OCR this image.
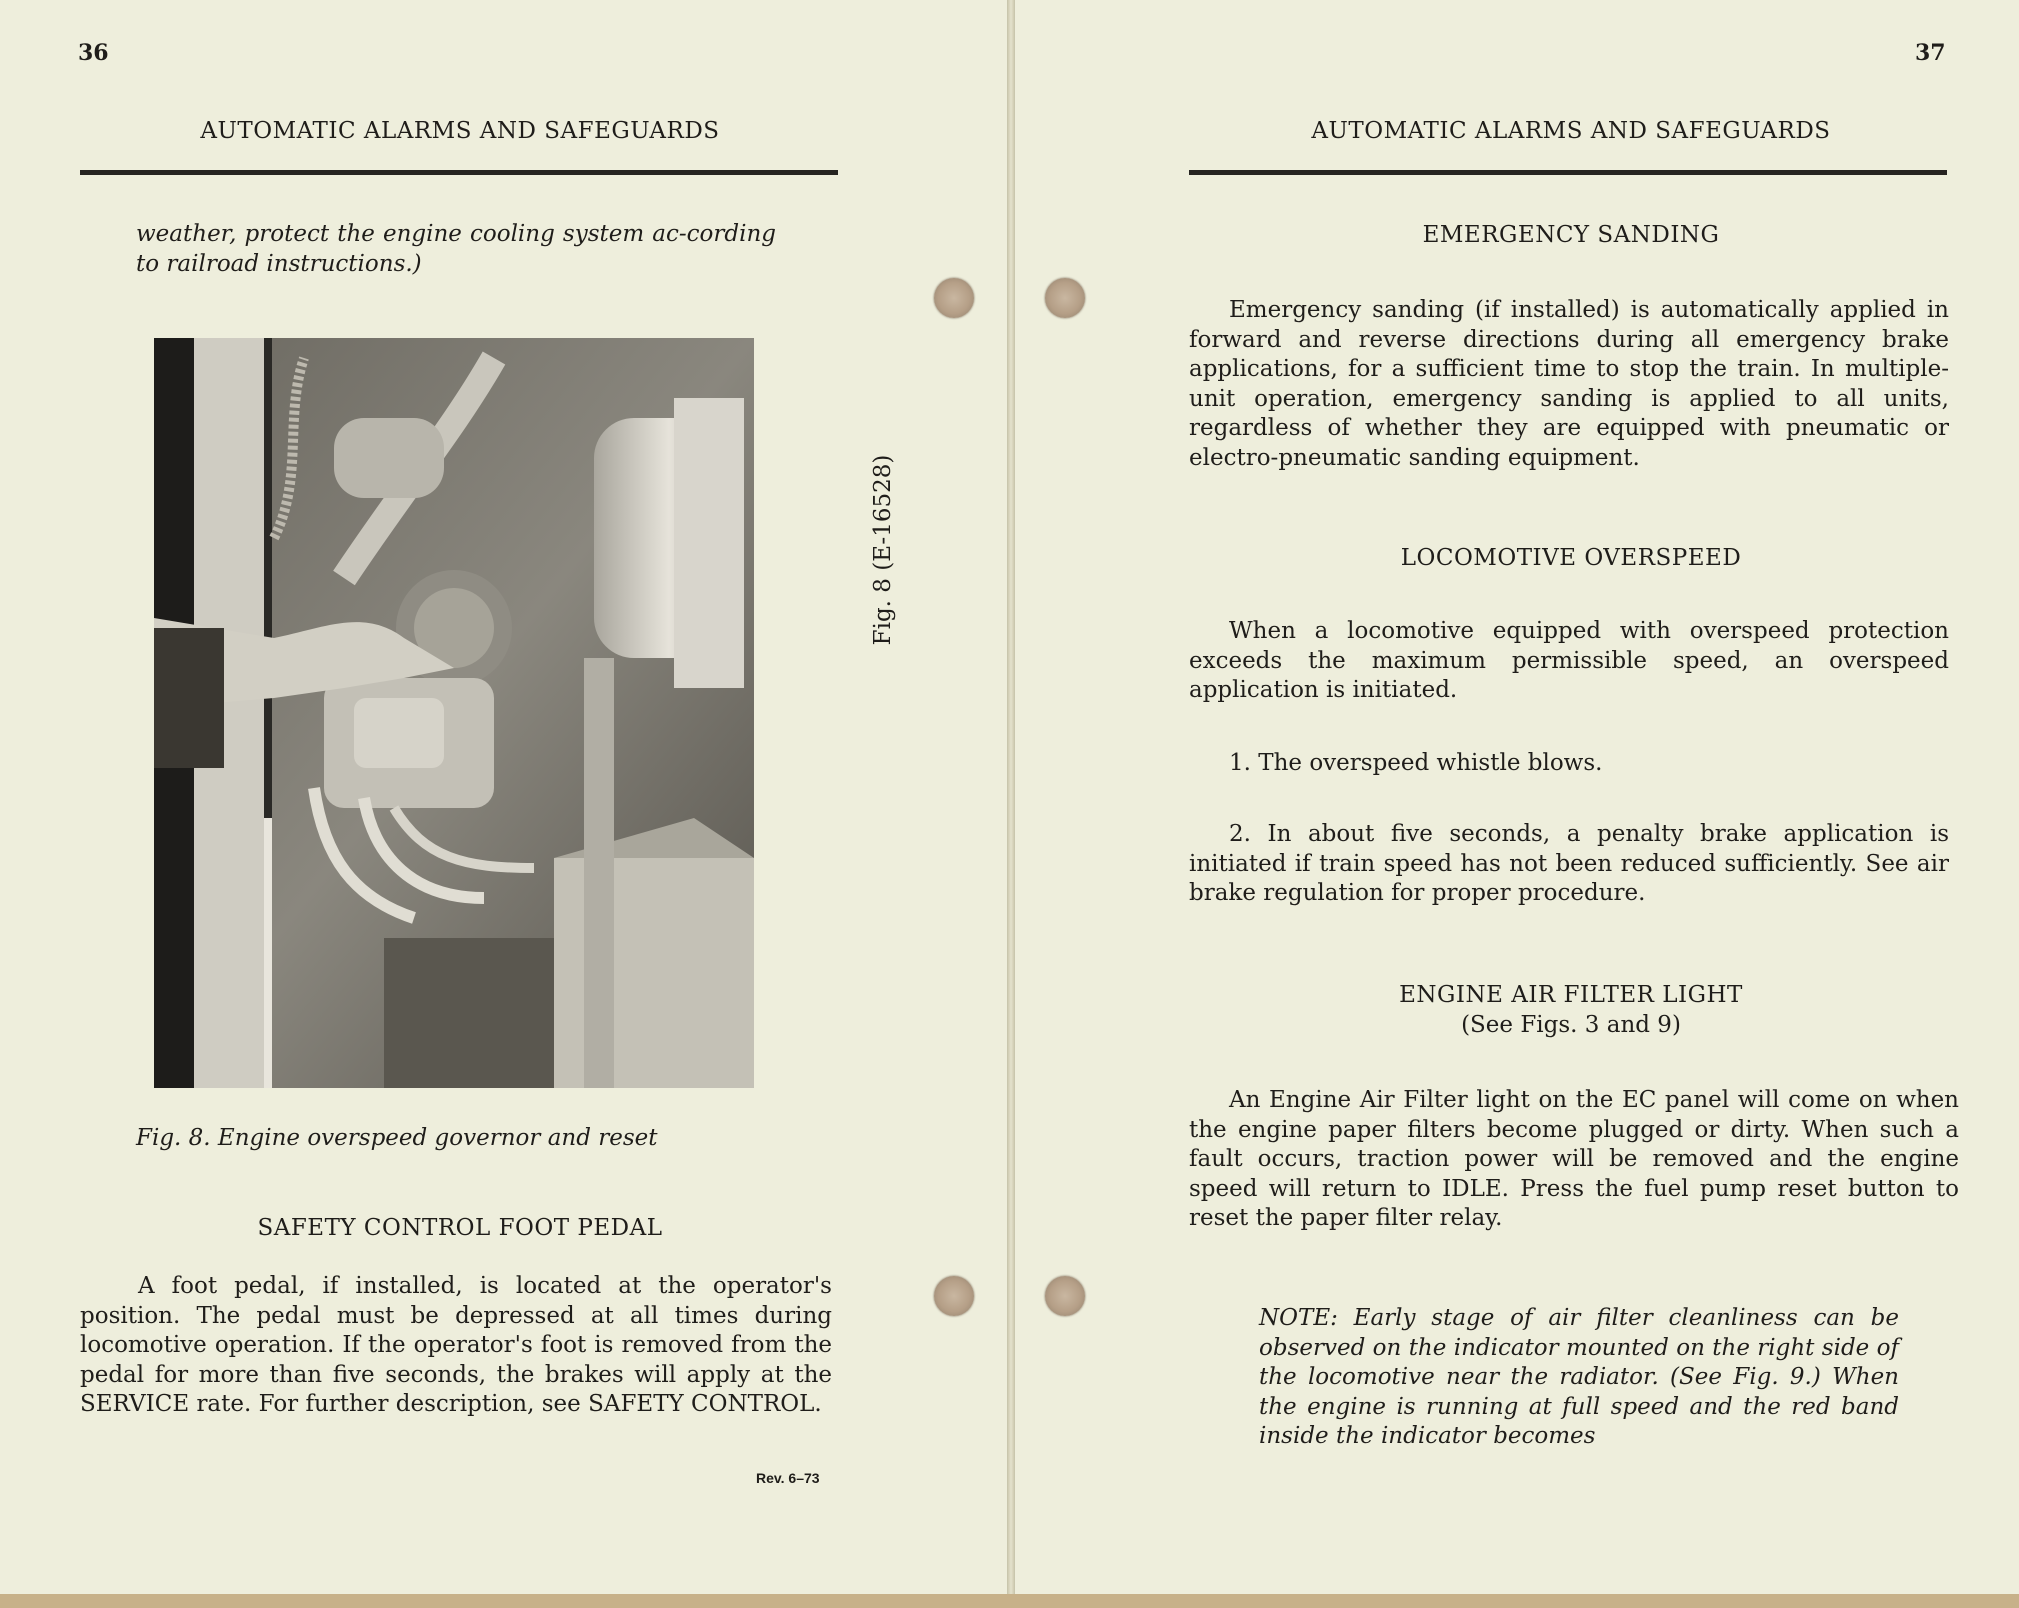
36
AUTOMATIC ALARMS AND SAFEGUARDS
weather, protect the engine cooling system ac-cording to railroad instructions.)
Fig. 8. Engine overspeed governor and reset
SAFETY CONTROL FOOT PEDAL
A foot pedal, if installed, is located at the operator's position. The pedal must be depressed at all times during locomotive operation. If the operator's foot is removed from the pedal for more than five seconds, the brakes will apply at the SERVICE rate. For further description, see SAFETY CONTROL.
Rev. 6–73
Fig. 8 (E-16528)
37
AUTOMATIC ALARMS AND SAFEGUARDS
EMERGENCY SANDING
Emergency sanding (if installed) is automatically applied in forward and reverse directions during all emergency brake applications, for a sufficient time to stop the train. In multiple-unit operation, emergency sanding is applied to all units, regardless of whether they are equipped with pneumatic or electro-pneumatic sanding equipment.
LOCOMOTIVE OVERSPEED
When a locomotive equipped with overspeed protection exceeds the maximum permissible speed, an overspeed application is initiated.
1. The overspeed whistle blows.
2. In about five seconds, a penalty brake application is initiated if train speed has not been reduced sufficiently. See air brake regulation for proper procedure.
ENGINE AIR FILTER LIGHT
(See Figs. 3 and 9)
An Engine Air Filter light on the EC panel will come on when the engine paper filters become plugged or dirty. When such a fault occurs, traction power will be removed and the engine speed will return to IDLE. Press the fuel pump reset button to reset the paper filter relay.
NOTE: Early stage of air filter cleanliness can be observed on the indicator mounted on the right side of the locomotive near the radiator. (See Fig. 9.) When the engine is running at full speed and the red band inside the indicator becomes
